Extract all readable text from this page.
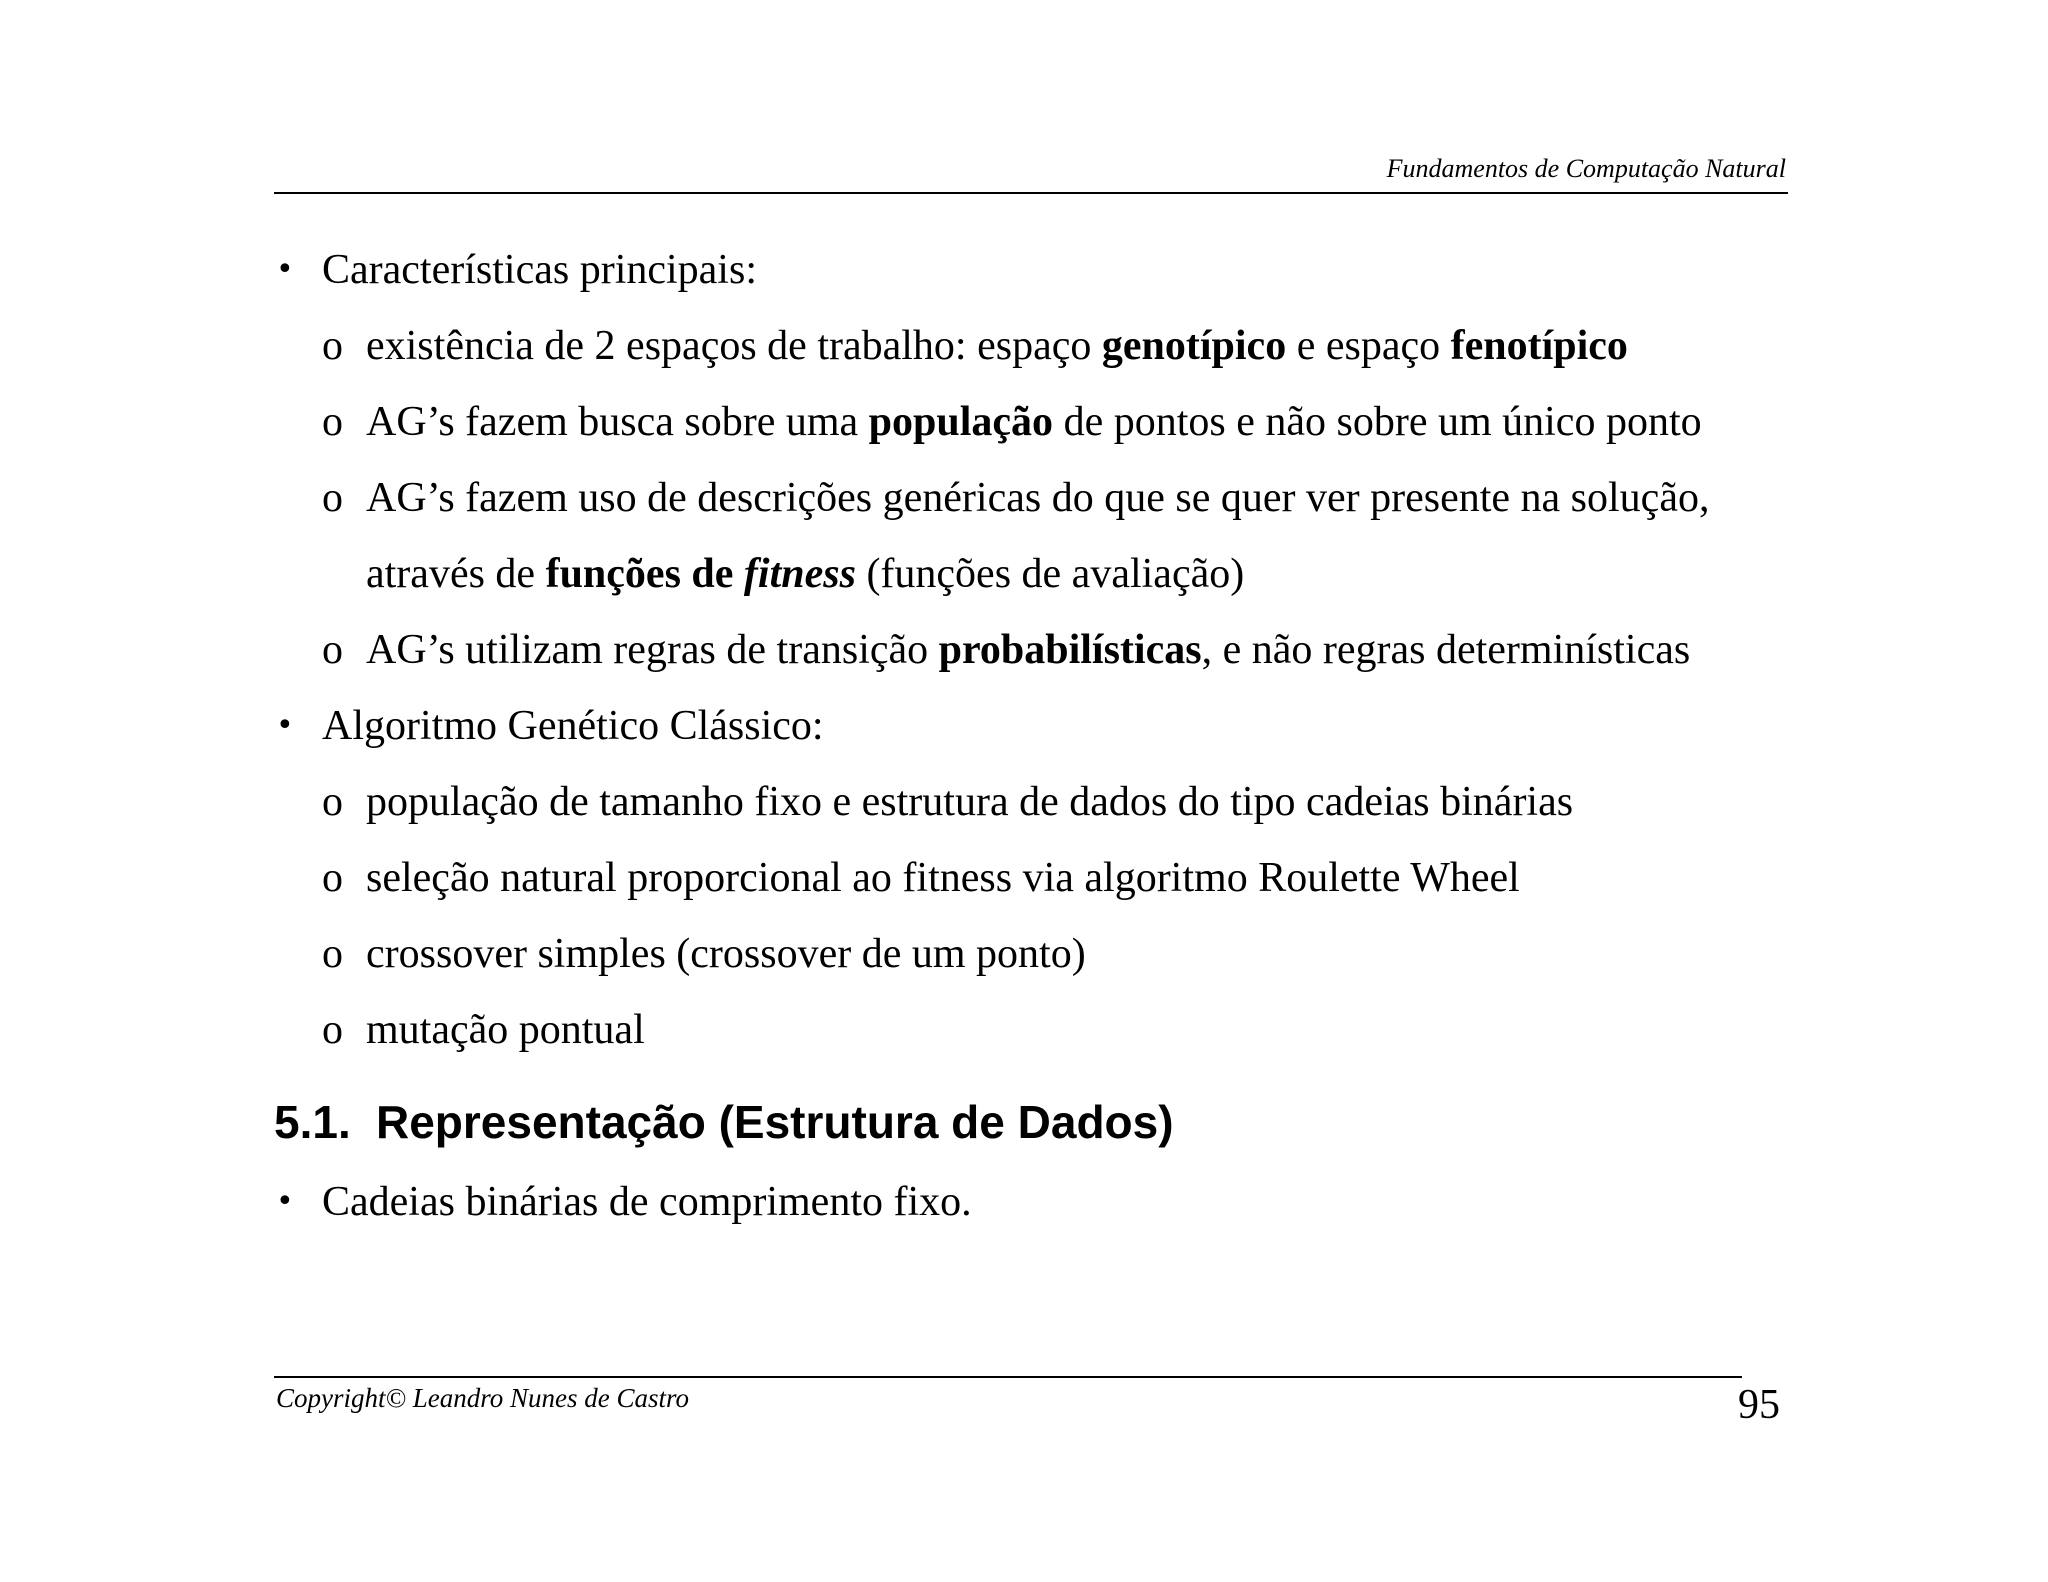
Fundamentos de Computação Natural
• Características principais:
o existência de 2 espaços de trabalho: espaço genotípico e espaço fenotípico
o AG’s fazem busca sobre uma população de pontos e não sobre um único ponto
o AG’s fazem uso de descrições genéricas do que se quer ver presente na solução, através de funções de fitness (funções de avaliação)
o AG’s utilizam regras de transição probabilísticas, e não regras determinísticas
• Algoritmo Genético Clássico:
o população de tamanho fixo e estrutura de dados do tipo cadeias binárias
o seleção natural proporcional ao fitness via algoritmo Roulette Wheel
o crossover simples (crossover de um ponto)
o mutação pontual
5.1. Representação (Estrutura de Dados)
• Cadeias binárias de comprimento fixo.
Copyright© Leandro Nunes de Castro	95
